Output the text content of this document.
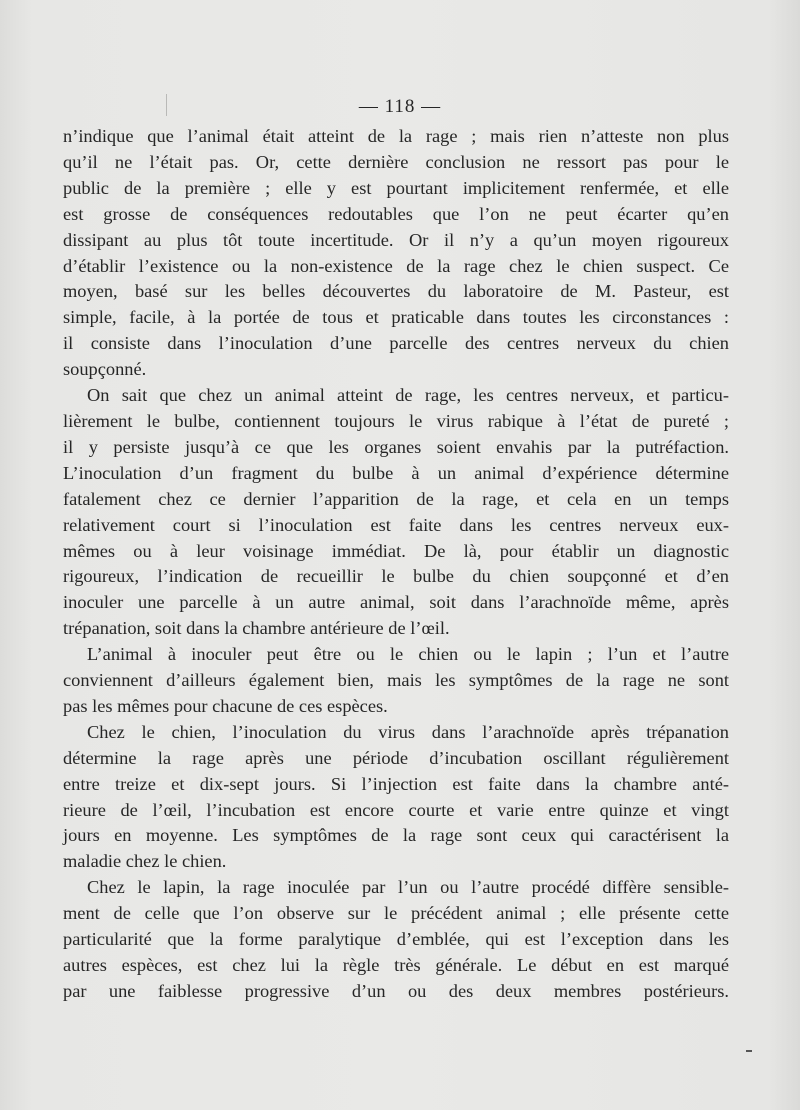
— 118 —

n’indique que l’animal était atteint de la rage ; mais rien n’atteste non plus

qu’il ne l’était pas. Or, cette dernière conclusion ne ressort pas pour le

public de la première ; elle y est pourtant implicitement renfermée, et elle

est grosse de conséquences redoutables que l’on ne peut écarter qu’en

dissipant au plus tôt toute incertitude. Or il n’y a qu’un moyen rigoureux

d’établir l’existence ou la non-existence de la rage chez le chien suspect. Ce

moyen, basé sur les belles découvertes du laboratoire de M. Pasteur, est

simple, facile, à la portée de tous et praticable dans toutes les circonstances :

il consiste dans l’inoculation d’une parcelle des centres nerveux du chien

soupçonné.

On sait que chez un animal atteint de rage, les centres nerveux, et particu-

lièrement le bulbe, contiennent toujours le virus rabique à l’état de pureté ;

il y persiste jusqu’à ce que les organes soient envahis par la putréfaction.

L’inoculation d’un fragment du bulbe à un animal d’expérience détermine

fatalement chez ce dernier l’apparition de la rage, et cela en un temps

relativement court si l’inoculation est faite dans les centres nerveux eux-

mêmes ou à leur voisinage immédiat. De là, pour établir un diagnostic

rigoureux, l’indication de recueillir le bulbe du chien soupçonné et d’en

inoculer une parcelle à un autre animal, soit dans l’arachnoïde même, après

trépanation, soit dans la chambre antérieure de l’œil.

L’animal à inoculer peut être ou le chien ou le lapin ; l’un et l’autre

conviennent d’ailleurs également bien, mais les symptômes de la rage ne sont

pas les mêmes pour chacune de ces espèces.

Chez le chien, l’inoculation du virus dans l’arachnoïde après trépanation

détermine la rage après une période d’incubation oscillant régulièrement

entre treize et dix-sept jours. Si l’injection est faite dans la chambre anté-

rieure de l’œil, l’incubation est encore courte et varie entre quinze et vingt

jours en moyenne. Les symptômes de la rage sont ceux qui caractérisent la

maladie chez le chien.

Chez le lapin, la rage inoculée par l’un ou l’autre procédé diffère sensible-

ment de celle que l’on observe sur le précédent animal ; elle présente cette

particularité que la forme paralytique d’emblée, qui est l’exception dans les

autres espèces, est chez lui la règle très générale. Le début en est marqué

par une faiblesse progressive d’un ou des deux membres postérieurs.
